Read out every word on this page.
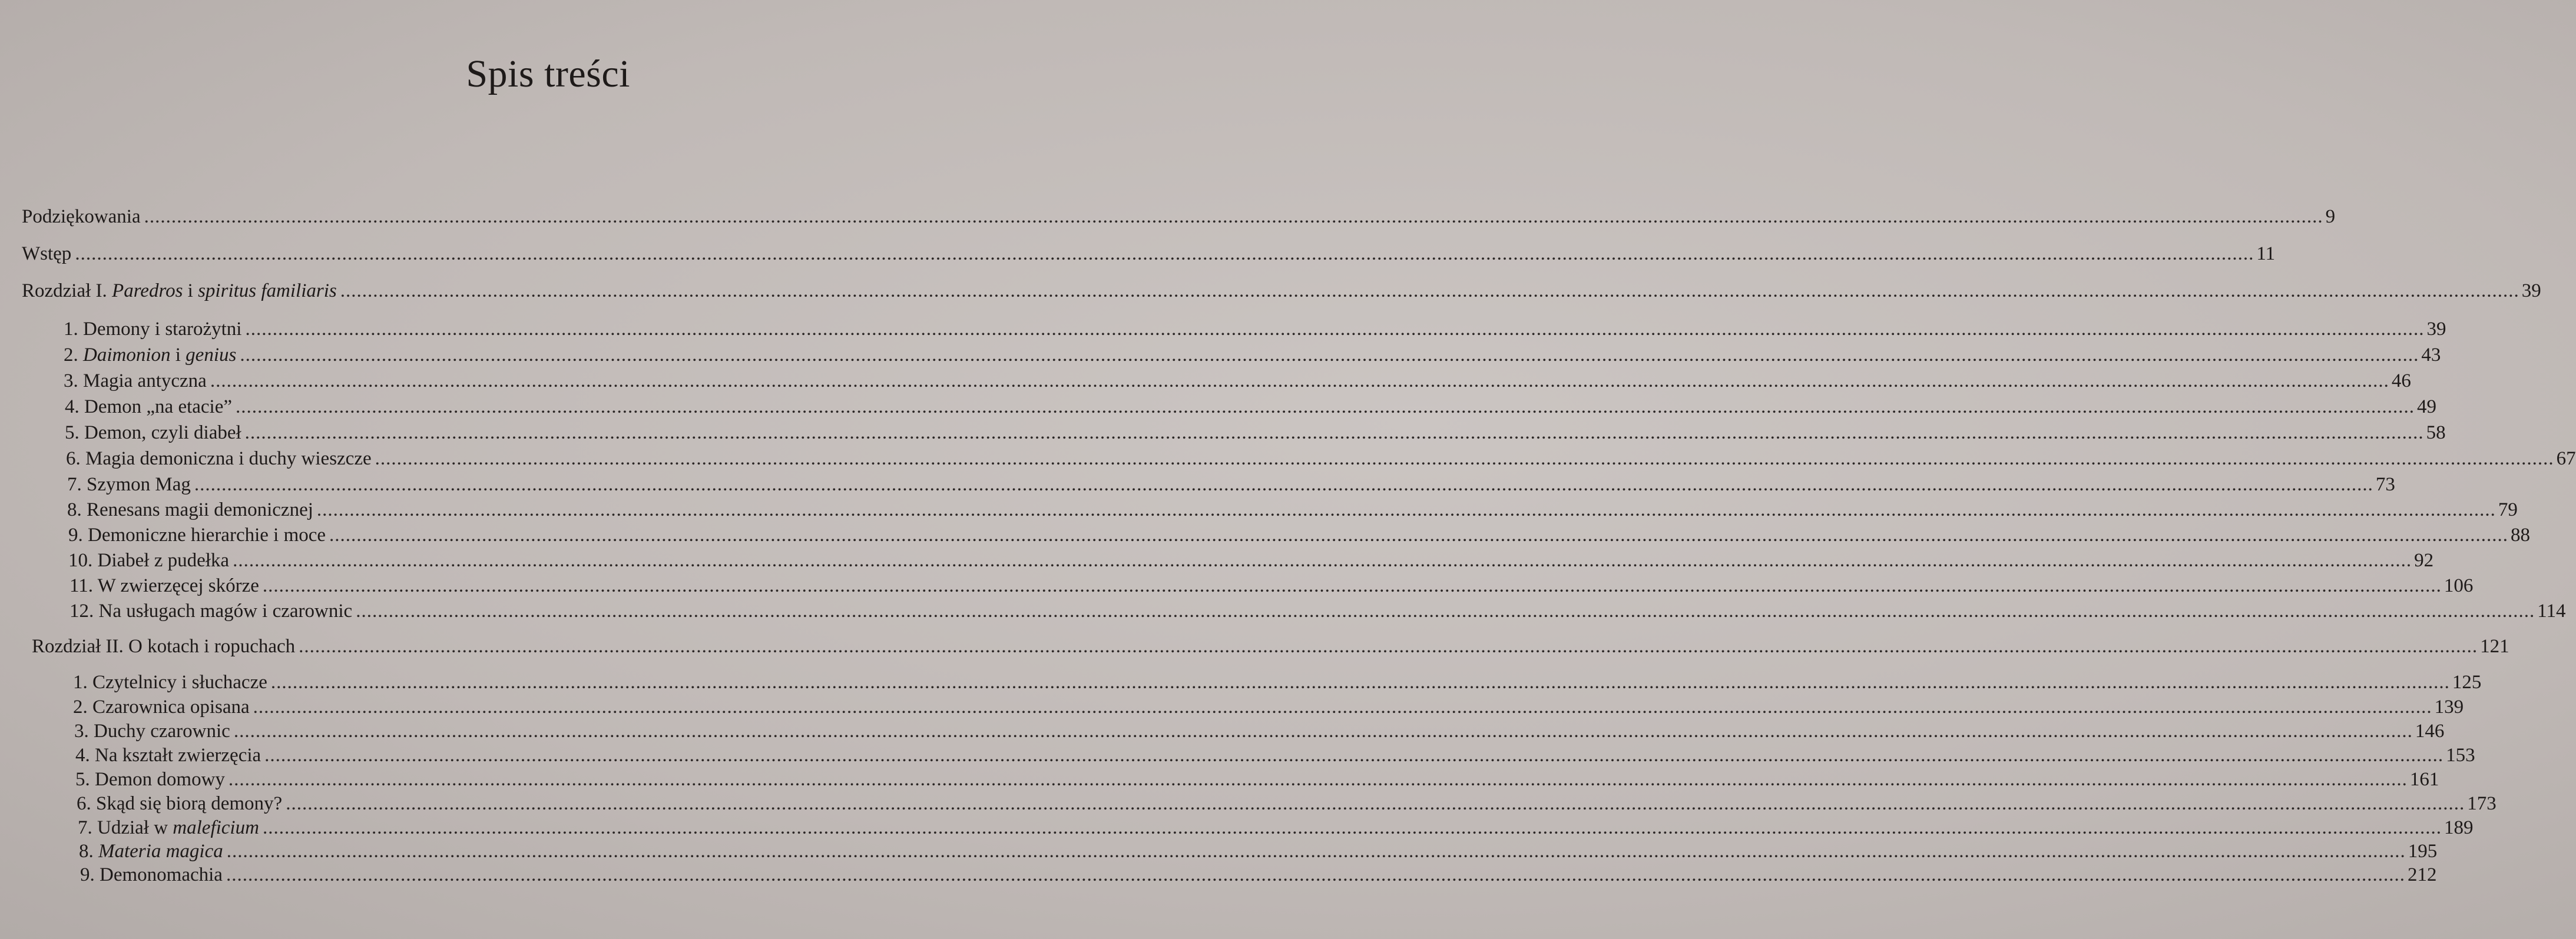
Spis treści
Podziękowania ................................................................................................................................................................................................................................................................................................................................................................................................................ 9
Wstęp ................................................................................................................................................................................................................................................................................................................................................................................................................ 11
Rozdział I. Paredros i spiritus familiaris ................................................................................................................................................................................................................................................................................................................................................................................................................ 39
1. Demony i starożytni ................................................................................................................................................................................................................................................................................................................................................................................................................ 39
2. Daimonion i genius ................................................................................................................................................................................................................................................................................................................................................................................................................ 43
3. Magia antyczna ................................................................................................................................................................................................................................................................................................................................................................................................................ 46
4. Demon „na etacie” ................................................................................................................................................................................................................................................................................................................................................................................................................ 49
5. Demon, czyli diabeł ................................................................................................................................................................................................................................................................................................................................................................................................................ 58
6. Magia demoniczna i duchy wieszcze ................................................................................................................................................................................................................................................................................................................................................................................................................ 67
7. Szymon Mag ................................................................................................................................................................................................................................................................................................................................................................................................................ 73
8. Renesans magii demonicznej ................................................................................................................................................................................................................................................................................................................................................................................................................ 79
9. Demoniczne hierarchie i moce ................................................................................................................................................................................................................................................................................................................................................................................................................ 88
10. Diabeł z pudełka ................................................................................................................................................................................................................................................................................................................................................................................................................ 92
11. W zwierzęcej skórze ................................................................................................................................................................................................................................................................................................................................................................................................................ 106
12. Na usługach magów i czarownic ................................................................................................................................................................................................................................................................................................................................................................................................................ 114
Rozdział II. O kotach i ropuchach ................................................................................................................................................................................................................................................................................................................................................................................................................ 121
1. Czytelnicy i słuchacze ................................................................................................................................................................................................................................................................................................................................................................................................................ 125
2. Czarownica opisana ................................................................................................................................................................................................................................................................................................................................................................................................................ 139
3. Duchy czarownic ................................................................................................................................................................................................................................................................................................................................................................................................................ 146
4. Na kształt zwierzęcia ................................................................................................................................................................................................................................................................................................................................................................................................................ 153
5. Demon domowy ................................................................................................................................................................................................................................................................................................................................................................................................................ 161
6. Skąd się biorą demony? ................................................................................................................................................................................................................................................................................................................................................................................................................ 173
7. Udział w maleficium ................................................................................................................................................................................................................................................................................................................................................................................................................ 189
8. Materia magica ................................................................................................................................................................................................................................................................................................................................................................................................................ 195
9. Demonomachia ................................................................................................................................................................................................................................................................................................................................................................................................................ 212
